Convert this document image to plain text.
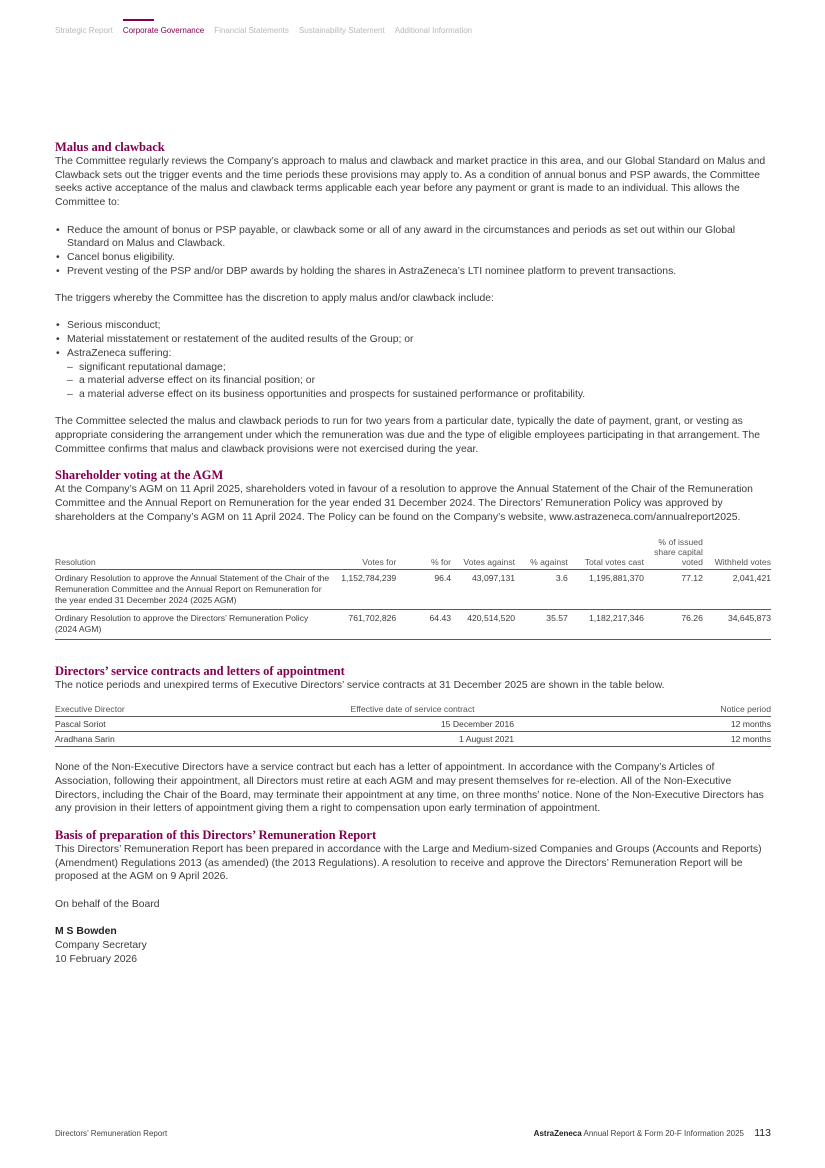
Strategic Report Corporate Governance Financial Statements Sustainability Statement Additional Information
Malus and clawback

The Committee regularly reviews the Company’s approach to malus and clawback and market practice in this area, and our Global Standard on Malus and Clawback sets out the trigger events and the time periods these provisions may apply to. As a condition of annual bonus and PSP awards, the Committee seeks active acceptance of the malus and clawback terms applicable each year before any payment or grant is made to an individual. This allows the Committee to:

• Reduce the amount of bonus or PSP payable, or clawback some or all of any award in the circumstances and periods as set out within our Global Standard on Malus and Clawback.
• Cancel bonus eligibility.
• Prevent vesting of the PSP and/or DBP awards by holding the shares in AstraZeneca’s LTI nominee platform to prevent transactions.

The triggers whereby the Committee has the discretion to apply malus and/or clawback include:

• Serious misconduct;
• Material misstatement or restatement of the audited results of the Group; or
• AstraZeneca suffering:
– significant reputational damage;
– a material adverse effect on its financial position; or
– a material adverse effect on its business opportunities and prospects for sustained performance or profitability.

The Committee selected the malus and clawback periods to run for two years from a particular date, typically the date of payment, grant, or vesting as appropriate considering the arrangement under which the remuneration was due and the type of eligible employees participating in that arrangement. The Committee confirms that malus and clawback provisions were not exercised during the year.

Shareholder voting at the AGM

At the Company’s AGM on 11 April 2025, shareholders voted in favour of a resolution to approve the Annual Statement of the Chair of the Remuneration Committee and the Annual Report on Remuneration for the year ended 31 December 2024. The Directors’ Remuneration Policy was approved by shareholders at the Company’s AGM on 11 April 2024. The Policy can be found on the Company’s website, www.astrazeneca.com/annualreport2025.

Resolution	Votes for	% for	Votes against	% against	Total votes cast	% of issued share capital voted	Withheld votes
Ordinary Resolution to approve the Annual Statement of the Chair of the Remuneration Committee and the Annual Report on Remuneration for the year ended 31 December 2024 (2025 AGM)	1,152,784,239	96.4	43,097,131	3.6	1,195,881,370	77.12	2,041,421
Ordinary Resolution to approve the Directors’ Remuneration Policy (2024 AGM)	761,702,826	64.43	420,514,520	35.57	1,182,217,346	76.26	34,645,873
Directors’ service contracts and letters of appointment

The notice periods and unexpired terms of Executive Directors’ service contracts at 31 December 2025 are shown in the table below.

Executive Director	Effective date of service contract	Notice period
Pascal Soriot	15 December 2016	12 months
Aradhana Sarin	1 August 2021	12 months

None of the Non-Executive Directors have a service contract but each has a letter of appointment. In accordance with the Company’s Articles of Association, following their appointment, all Directors must retire at each AGM and may present themselves for re-election. All of the Non-Executive Directors, including the Chair of the Board, may terminate their appointment at any time, on three months’ notice. None of the Non-Executive Directors has any provision in their letters of appointment giving them a right to compensation upon early termination of appointment.

Basis of preparation of this Directors’ Remuneration Report

This Directors’ Remuneration Report has been prepared in accordance with the Large and Medium-sized Companies and Groups (Accounts and Reports) (Amendment) Regulations 2013 (as amended) (the 2013 Regulations). A resolution to receive and approve the Directors’ Remuneration Report will be proposed at the AGM on 9 April 2026.

On behalf of the Board

M S Bowden

Company Secretary

10 February 2026

Directors’ Remuneration Report	AstraZeneca Annual Report & Form 20-F Information 2025 113
